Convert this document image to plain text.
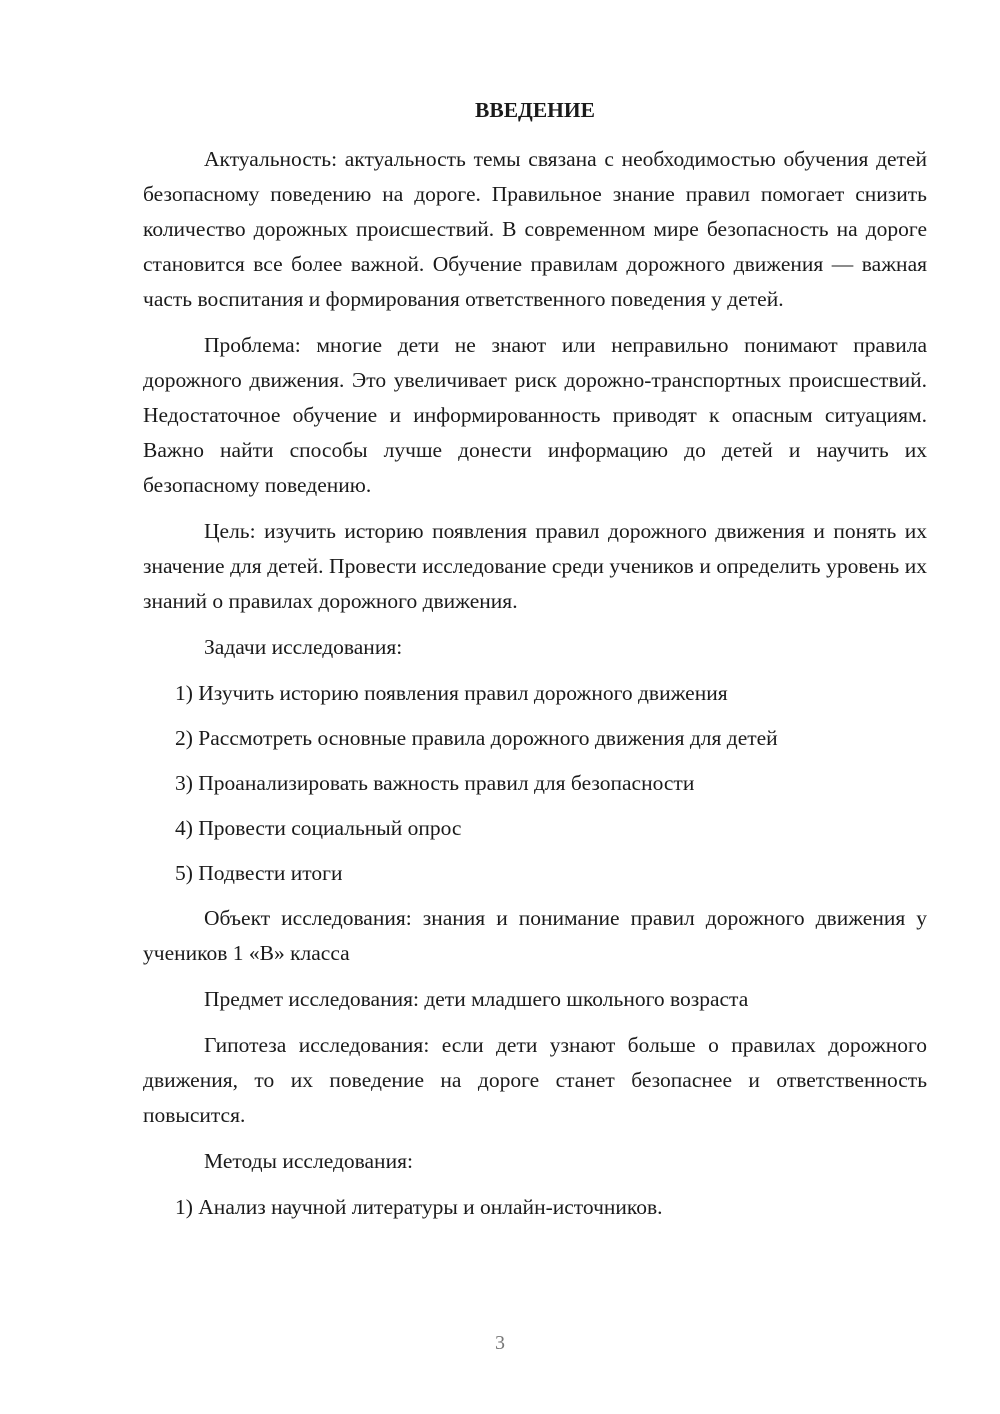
ВВЕДЕНИЕ

Актуальность: актуальность темы связана с необходимостью обучения детей безопасному поведению на дороге. Правильное знание правил помогает снизить количество дорожных происшествий. В современном мире безопасность на дороге становится все более важной. Обучение правилам дорожного движения — важная часть воспитания и формирования ответственного поведения у детей.

Проблема: многие дети не знают или неправильно понимают правила дорожного движения. Это увеличивает риск дорожно-транспортных происшествий. Недостаточное обучение и информированность приводят к опасным ситуациям. Важно найти способы лучше донести информацию до детей и научить их безопасному поведению.

Цель: изучить историю появления правил дорожного движения и понять их значение для детей. Провести исследование среди учеников и определить уровень их знаний о правилах дорожного движения.

Задачи исследования:

1) Изучить историю появления правил дорожного движения
2) Рассмотреть основные правила дорожного движения для детей
3) Проанализировать важность правил для безопасности
4) Провести социальный опрос
5) Подвести итоги

Объект исследования: знания и понимание правил дорожного движения у учеников 1 «В» класса

Предмет исследования: дети младшего школьного возраста

Гипотеза исследования: если дети узнают больше о правилах дорожного движения, то их поведение на дороге станет безопаснее и ответственность повысится.

Методы исследования:

1) Анализ научной литературы и онлайн-источников.
3
